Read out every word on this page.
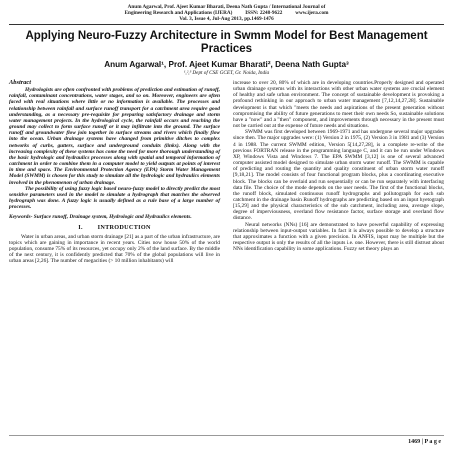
Anum Agarwal, Prof. Ajeet Kumar Bharati, Deena Nath Gupta / International Journal of
Engineering Research and Applications (IJERA)          ISSN: 2248-9622          www.ijera.com
Vol. 3, Issue 4, Jul-Aug 2013, pp.1469-1476
Applying Neuro-Fuzzy Architecture in Swmm Model for Best Management Practices
Anum Agarwal¹, Prof. Ajeet Kumar Bharati², Deena Nath Gupta³
¹,²,³ Dept of CSE GCET, Gr. Noida, India
Abstract
Hydrologists are often confronted with problems of prediction and estimation of runoff, rainfall, contaminant concentrations, water stages, and so on. Moreover, engineers are often faced with real situations where little or no information is available. The processes and relationship between rainfall and surface runoff transport for a catchment area require good understanding, as a necessary pre-requisite for preparing satisfactory drainage and storm water management projects. In the hydrological cycle, the rainfall occurs and reaching the ground may collect to form surface runoff or it may infiltrate into the ground. The surface runoff and groundwater flow join together in surface streams and rivers which finally flow into the ocean. Urban drainage systems have changed from primitive ditches to complex networks of curbs, gutters, surface and underground conduits (links). Along with the increasing complexity of these systems has come the need for more thorough understanding of the basic hydrologic and hydraulics processes along with spatial and temporal information of catchment in order to combine them in a computer model to yield outputs at points of interest in time and space. The Environmental Protection Agency (EPA) Storm Water Management Model (SWMM) is chosen for this study to simulate all the hydrologic and hydraulics elements involved in the phenomenon of urban drainage.
The possibility of using fuzzy logic based neuro-fuzzy model to directly predict the most sensitive parameters used in the model to simulate a hydrograph that matches the observed hydrograph was done. A fuzzy logic is usually defined as a rule base of a large number of processes.
Keywords- Surface runoff, Drainage system, Hydrologic and Hydraulics elements.
I.        INTRODUCTION
Water in urban areas, and urban storm drainage [21] as a part of the urban infrastructure, are topics which are gaining in importance in recent years. Cities now house 50% of the world population, consume 75% of its resources, yet occupy only 2% of the land surface. By the middle of the next century, it is confidently predicted that 70% of the global populations will live in urban areas [2,26]. The number of megacities (> 10 million inhabitants) will
increase to over 20, 80% of which are in developing countries.Properly designed and operated urban drainage systems with its interactions with other urban water systems are crucial element of healthy and safe urban environment. The concept of sustainable development is provoking a profound rethinking in our approach to urban water management [7,12,14,27,28]. Sustainable development is that which "meets the needs and aspirations of the present generation without compromising the ability of future generations to meet their own needs So, sustainable solutions have a "now" and a "then" component, and improvements through necessary in the present must not be carried out at the expense of future needs and situations.
SWMM was first developed between 1969-1971 and has undergone several major upgrades since then. The major upgrades were: (1) Version 2 in 1975, (2) Version 3 in 1981 and (3) Version 4 in 1988. The current SWMM edition, Version 5[14,27,28], is a complete re-write of the previous FORTRAN release in the programming language C, and it can be run under Windows XP, Windows Vista and Windows 7. The EPA SWMM [3,12] is one of several advanced computer assisted model designed to simulate urban storm water runoff. The SWMM is capable of predicting and routing the quantity and quality constituent of urban storm water runoff [9,18,21]. The model consists of four functional program blocks, plus a coordinating executive block. The blocks can be overlaid and run sequentially or can be run separately with interfacing data file. The choice of the mode depends on the user needs. The first of the functional blocks, the runoff block, simulated continuous runoff hydrographs and pollutograph for each sub catchment in the drainage basin Runoff hydrographs are predicting based on an input hyetograph [15,29] and the physical characteristics of the sub catchment, including area, average slope, degree of imperviousness, overland flow resistance factor, surface storage and overland flow distance.
Neural networks (NNs) [16] are demonstrated to have powerful capability of expressing relationship between input-output variables. In fact it is always possible to develop a structure that approximates a function with a given precision. In ANFIS, input may be multiple but the respective output is only the results of all the inputs i.e. one. However, there is still distrust about NNs identification capability in some applications. Fuzzy set theory plays an
1469 | P a g e
